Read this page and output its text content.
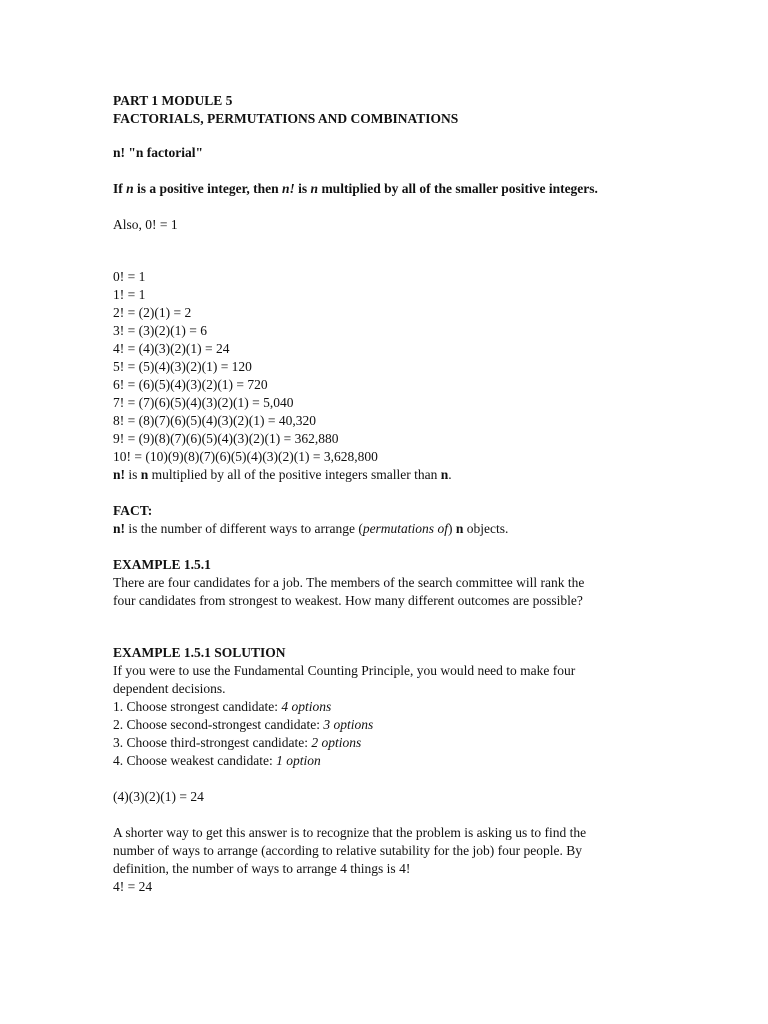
PART 1 MODULE 5
FACTORIALS, PERMUTATIONS AND COMBINATIONS
n! "n factorial"
If n is a positive integer, then n! is n multiplied by all of the smaller positive integers.
Also, 0! = 1
0! = 1
1! = 1
2! = (2)(1) = 2
3! = (3)(2)(1) = 6
4! = (4)(3)(2)(1) = 24
5! = (5)(4)(3)(2)(1) = 120
6! = (6)(5)(4)(3)(2)(1) = 720
7! = (7)(6)(5)(4)(3)(2)(1) = 5,040
8! = (8)(7)(6)(5)(4)(3)(2)(1) = 40,320
9! = (9)(8)(7)(6)(5)(4)(3)(2)(1) = 362,880
10! = (10)(9)(8)(7)(6)(5)(4)(3)(2)(1) = 3,628,800
n! is n multiplied by all of the positive integers smaller than n.
FACT:
n! is the number of different ways to arrange (permutations of) n objects.
EXAMPLE 1.5.1
There are four candidates for a job. The members of the search committee will rank the
four candidates from strongest to weakest. How many different outcomes are possible?
EXAMPLE 1.5.1 SOLUTION
If you were to use the Fundamental Counting Principle, you would need to make four
dependent decisions.
1. Choose strongest candidate: 4 options
2. Choose second-strongest candidate: 3 options
3. Choose third-strongest candidate: 2 options
4. Choose weakest candidate: 1 option
(4)(3)(2)(1) = 24
A shorter way to get this answer is to recognize that the problem is asking us to find the
number of ways to arrange (according to relative sutability for the job) four people. By
definition, the number of ways to arrange 4 things is 4!
4! = 24
